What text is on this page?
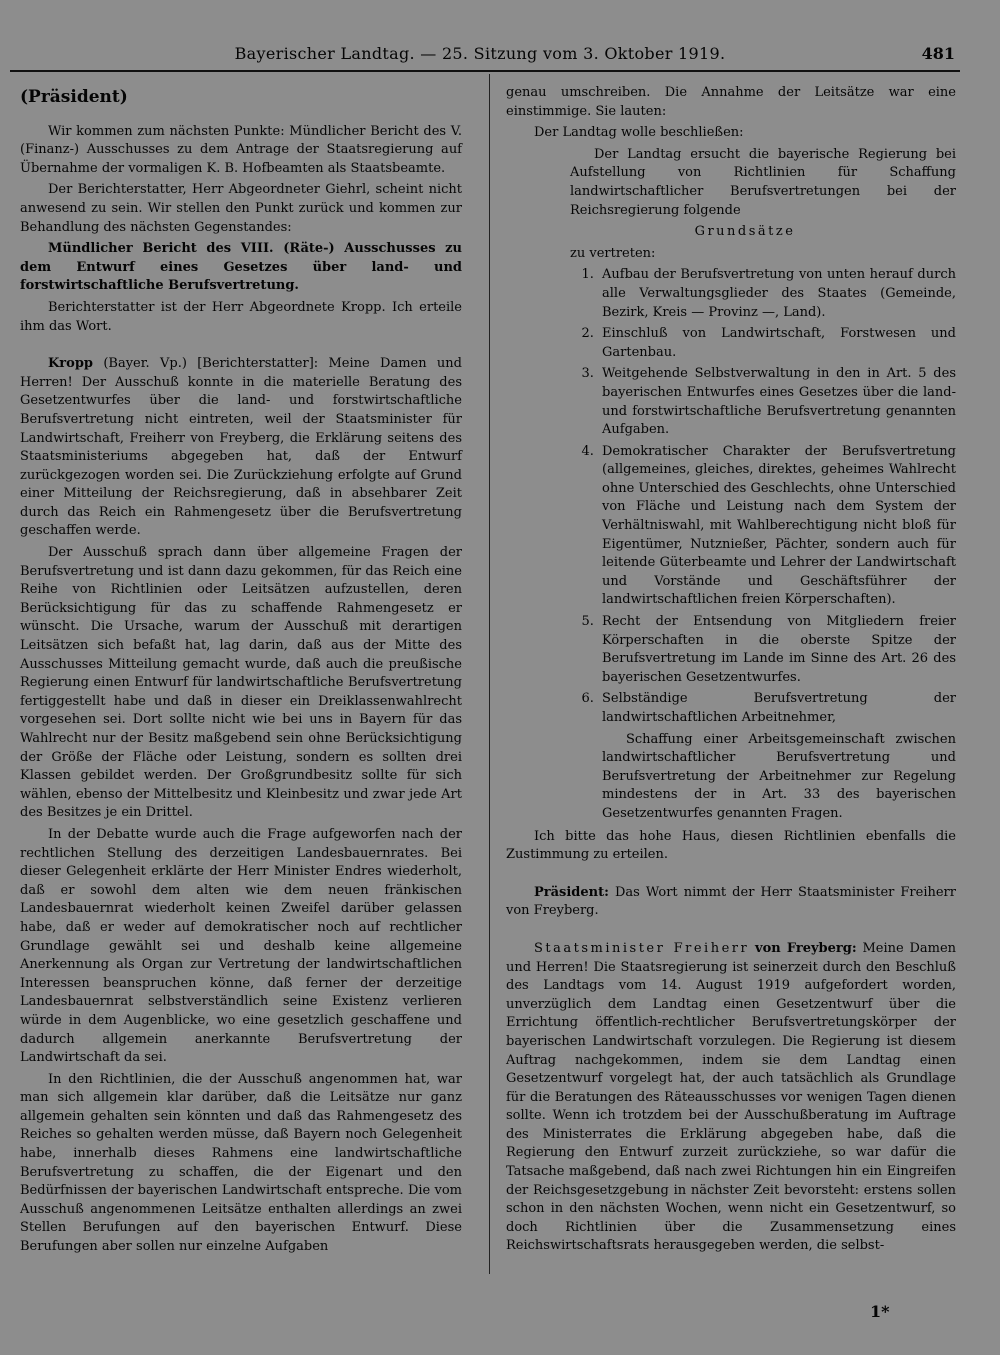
Bayerischer Landtag. — 25. Sitzung vom 3. Oktober 1919.	481
(Präsident)

Wir kommen zum nächsten Punkte: Mündlicher Bericht des V. (Finanz-) Ausschusses zu dem Antrage der Staatsregierung auf Übernahme der vormaligen K. B. Hofbeamten als Staatsbeamte.

Der Berichterstatter, Herr Abgeordneter Giehrl, scheint nicht anwesend zu sein. Wir stellen den Punkt zurück und kommen zur Behandlung des nächsten Gegenstandes:

Mündlicher Bericht des VIII. (Räte-) Ausschusses zu dem Entwurf eines Gesetzes über land- und forstwirtschaftliche Berufsvertretung.

Berichterstatter ist der Herr Abgeordnete Kropp. Ich erteile ihm das Wort.

Kropp (Bayer. Vp.) [Berichterstatter]: Meine Damen und Herren! Der Ausschuß konnte in die materielle Beratung des Gesetzentwurfes über die land- und forstwirtschaftliche Berufsvertretung nicht eintreten, weil der Staatsminister für Landwirtschaft, Freiherr von Freyberg, die Erklärung seitens des Staatsministeriums abgegeben hat, daß der Entwurf zurückgezogen worden sei. Die Zurückziehung erfolgte auf Grund einer Mitteilung der Reichsregierung, daß in absehbarer Zeit durch das Reich ein Rahmengesetz über die Berufsvertretung geschaffen werde.

Der Ausschuß sprach dann über allgemeine Fragen der Berufsvertretung und ist dann dazu gekommen, für das Reich eine Reihe von Richtlinien oder Leitsätzen aufzustellen, deren Berücksichtigung für das zu schaffende Rahmengesetz er wünscht. Die Ursache, warum der Ausschuß mit derartigen Leitsätzen sich befaßt hat, lag darin, daß aus der Mitte des Ausschusses Mitteilung gemacht wurde, daß auch die preußische Regierung einen Entwurf für landwirtschaftliche Berufsvertretung fertiggestellt habe und daß in dieser ein Dreiklassenwahlrecht vorgesehen sei. Dort sollte nicht wie bei uns in Bayern für das Wahlrecht nur der Besitz maßgebend sein ohne Berücksichtigung der Größe der Fläche oder Leistung, sondern es sollten drei Klassen gebildet werden. Der Großgrundbesitz sollte für sich wählen, ebenso der Mittelbesitz und Kleinbesitz und zwar jede Art des Besitzes je ein Drittel.

In der Debatte wurde auch die Frage aufgeworfen nach der rechtlichen Stellung des derzeitigen Landesbauernrates. Bei dieser Gelegenheit erklärte der Herr Minister Endres wiederholt, daß er sowohl dem alten wie dem neuen fränkischen Landesbauernrat wiederholt keinen Zweifel darüber gelassen habe, daß er weder auf demokratischer noch auf rechtlicher Grundlage gewählt sei und deshalb keine allgemeine Anerkennung als Organ zur Vertretung der landwirtschaftlichen Interessen beanspruchen könne, daß ferner der derzeitige Landesbauernrat selbstverständlich seine Existenz verlieren würde in dem Augenblicke, wo eine gesetzlich geschaffene und dadurch allgemein anerkannte Berufsvertretung der Landwirtschaft da sei.

In den Richtlinien, die der Ausschuß angenommen hat, war man sich allgemein klar darüber, daß die Leitsätze nur ganz allgemein gehalten sein könnten und daß das Rahmengesetz des Reiches so gehalten werden müsse, daß Bayern noch Gelegenheit habe, innerhalb dieses Rahmens eine landwirtschaftliche Berufsvertretung zu schaffen, die der Eigenart und den Bedürfnissen der bayerischen Landwirtschaft entspreche. Die vom Ausschuß angenommenen Leitsätze enthalten allerdings an zwei Stellen Berufungen auf den bayerischen Entwurf. Diese Berufungen aber sollen nur einzelne Aufgaben

genau umschreiben. Die Annahme der Leitsätze war eine einstimmige. Sie lauten:

Der Landtag wolle beschließen:

Der Landtag ersucht die bayerische Regierung bei Aufstellung von Richtlinien für Schaffung landwirtschaftlicher Berufsvertretungen bei der Reichsregierung folgende

Grundsätze

zu vertreten:

1. Aufbau der Berufsvertretung von unten herauf durch alle Verwaltungsglieder des Staates (Gemeinde, Bezirk, Kreis — Provinz —, Land).
2. Einschluß von Landwirtschaft, Forstwesen und Gartenbau.
3. Weitgehende Selbstverwaltung in den in Art. 5 des bayerischen Entwurfes eines Gesetzes über die land- und forstwirtschaftliche Berufsvertretung genannten Aufgaben.
4. Demokratischer Charakter der Berufsvertretung (allgemeines, gleiches, direktes, geheimes Wahlrecht ohne Unterschied des Geschlechts, ohne Unterschied von Fläche und Leistung nach dem System der Verhältniswahl, mit Wahlberechtigung nicht bloß für Eigentümer, Nutznießer, Pächter, sondern auch für leitende Güterbeamte und Lehrer der Landwirtschaft und Vorstände und Geschäftsführer der landwirtschaftlichen freien Körperschaften).
5. Recht der Entsendung von Mitgliedern freier Körperschaften in die oberste Spitze der Berufsvertretung im Lande im Sinne des Art. 26 des bayerischen Gesetzentwurfes.
6. Selbständige Berufsvertretung der landwirtschaftlichen Arbeitnehmer,
Schaffung einer Arbeitsgemeinschaft zwischen landwirtschaftlicher Berufsvertretung und Berufsvertretung der Arbeitnehmer zur Regelung mindestens der in Art. 33 des bayerischen Gesetzentwurfes genannten Fragen.

Ich bitte das hohe Haus, diesen Richtlinien ebenfalls die Zustimmung zu erteilen.

Präsident: Das Wort nimmt der Herr Staatsminister Freiherr von Freyberg.

Staatsminister Freiherr von Freyberg: Meine Damen und Herren! Die Staatsregierung ist seinerzeit durch den Beschluß des Landtags vom 14. August 1919 aufgefordert worden, unverzüglich dem Landtag einen Gesetzentwurf über die Errichtung öffentlich-rechtlicher Berufsvertretungskörper der bayerischen Landwirtschaft vorzulegen. Die Regierung ist diesem Auftrag nachgekommen, indem sie dem Landtag einen Gesetzentwurf vorgelegt hat, der auch tatsächlich als Grundlage für die Beratungen des Räteausschusses vor wenigen Tagen dienen sollte. Wenn ich trotzdem bei der Ausschußberatung im Auftrage des Ministerrates die Erklärung abgegeben habe, daß die Regierung den Entwurf zurzeit zurückziehe, so war dafür die Tatsache maßgebend, daß nach zwei Richtungen hin ein Eingreifen der Reichsgesetzgebung in nächster Zeit bevorsteht: erstens sollen schon in den nächsten Wochen, wenn nicht ein Gesetzentwurf, so doch Richtlinien über die Zusammensetzung eines Reichswirtschaftsrats herausgegeben werden, die selbst-

1*
